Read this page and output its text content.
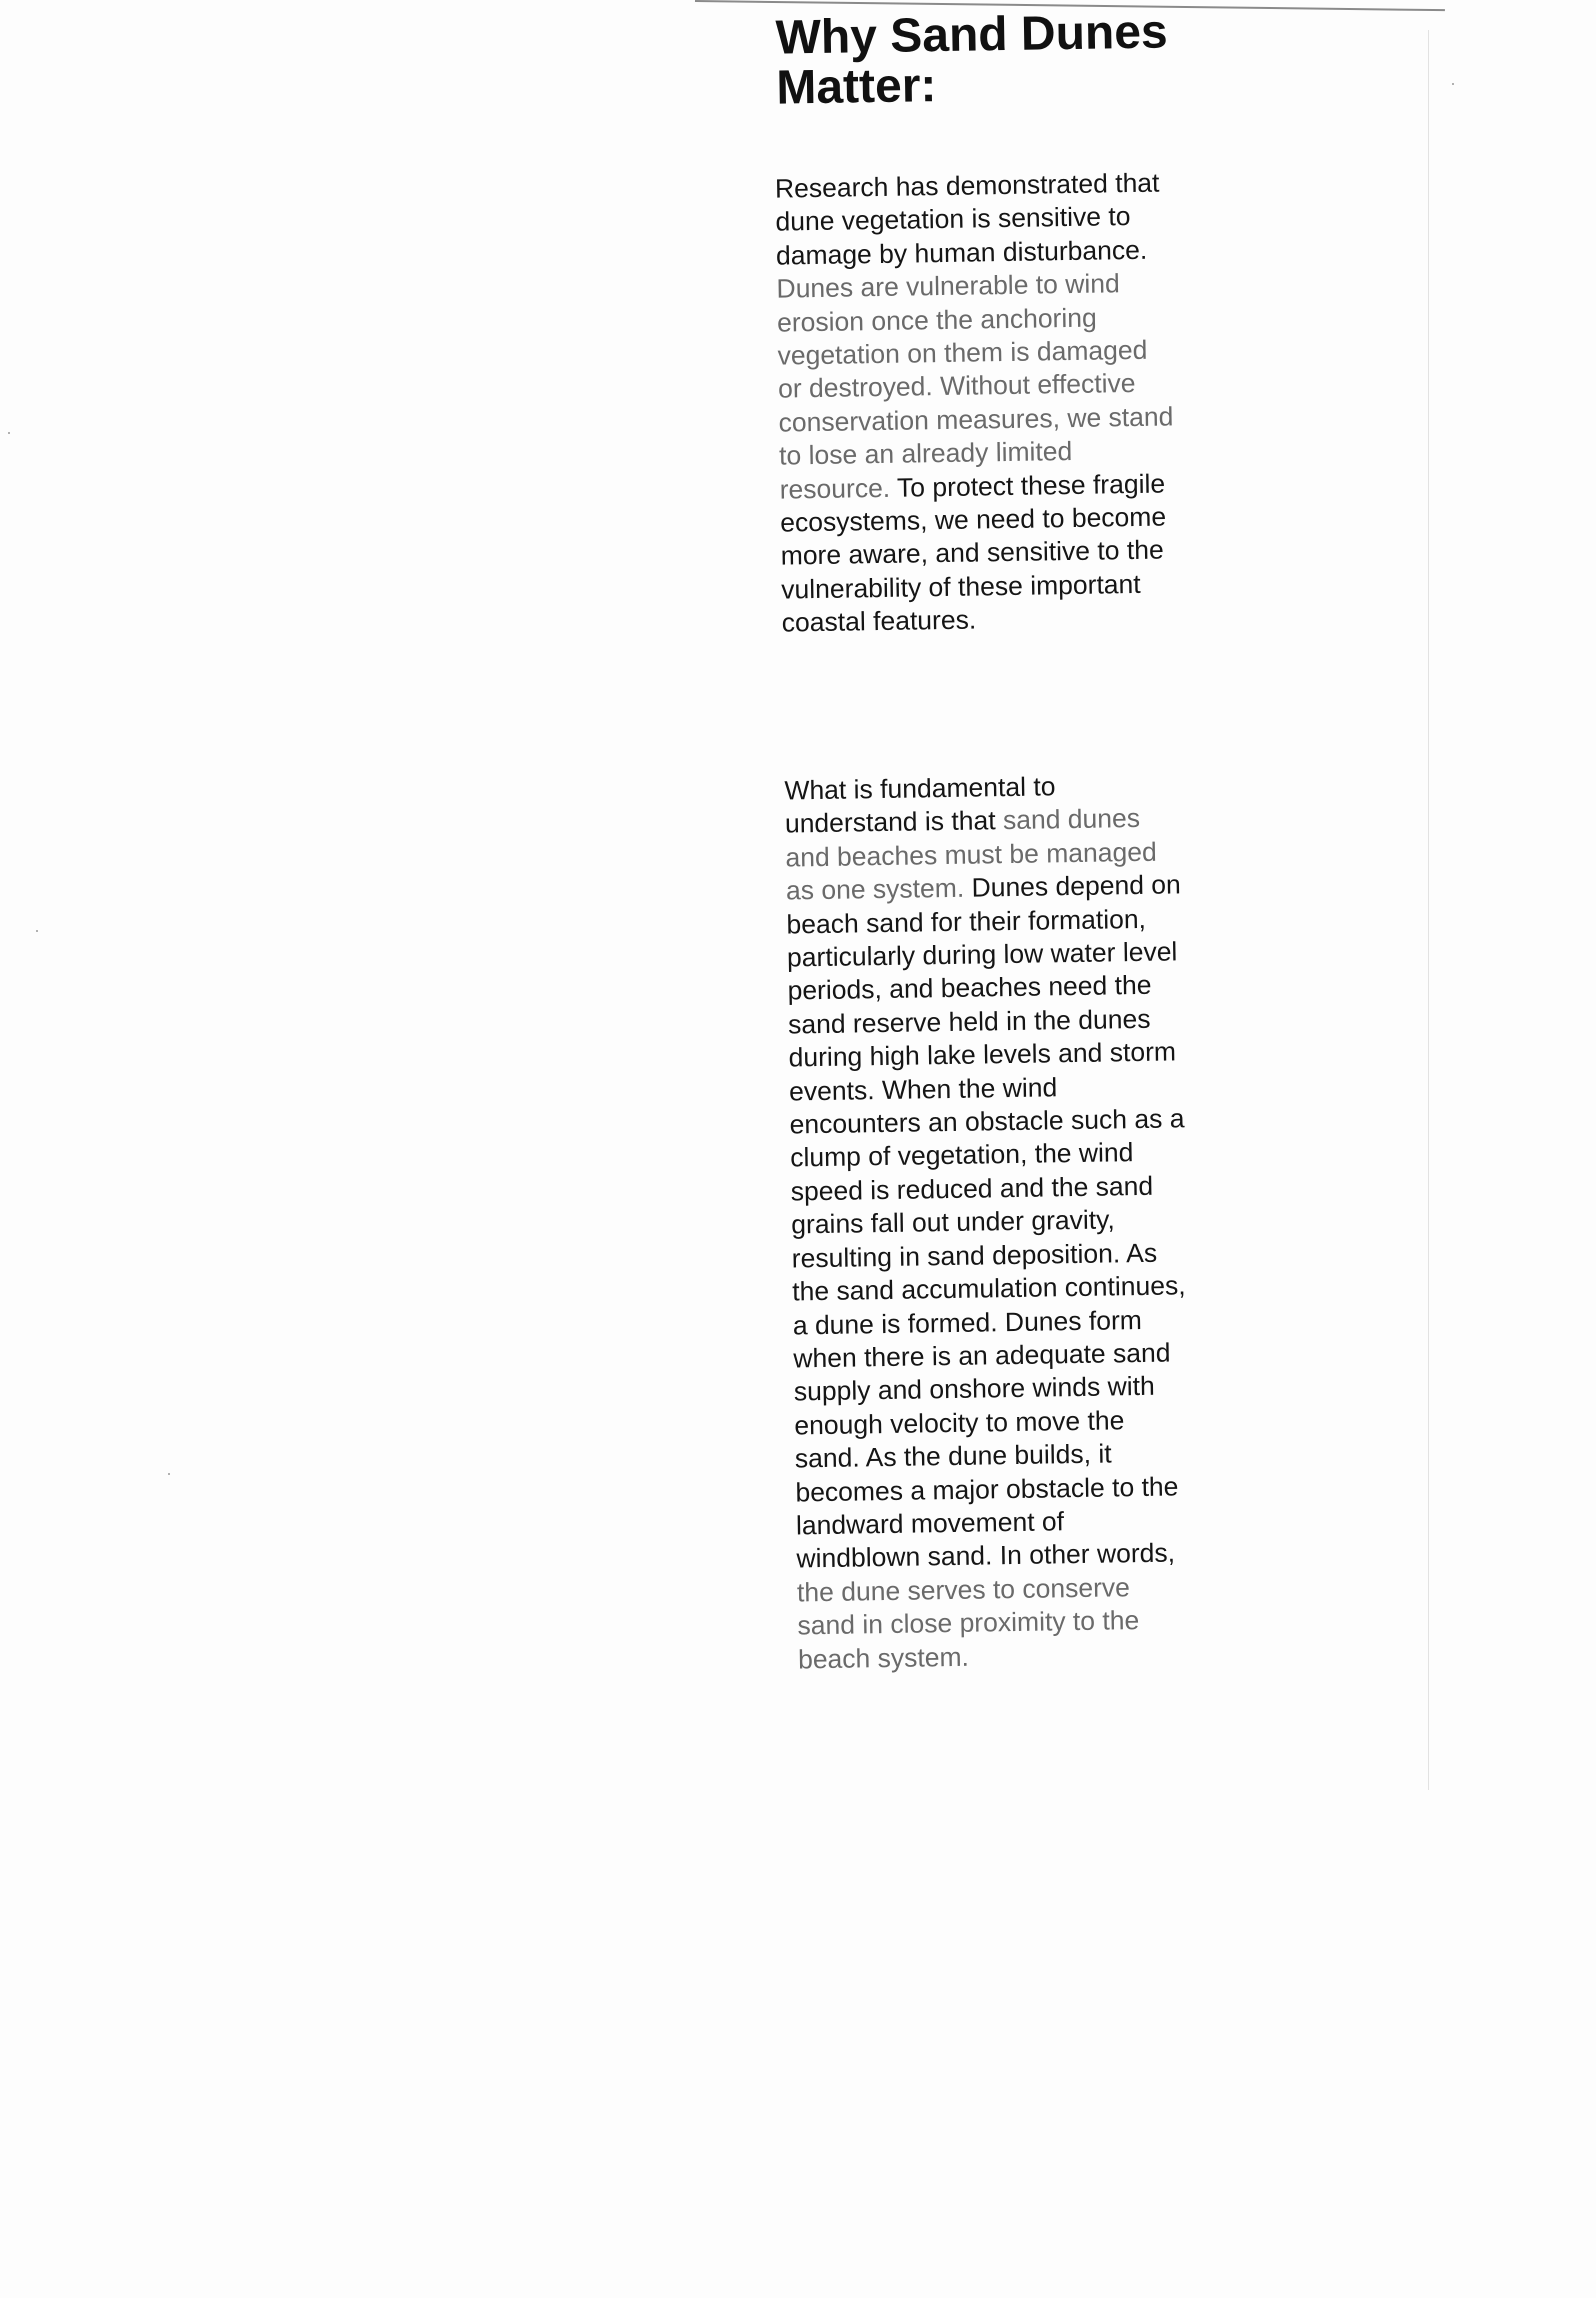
Why Sand Dunes Matter:

Research has demonstrated that dune vegetation is sensitive to damage by human disturbance. Dunes are vulnerable to wind erosion once the anchoring vegetation on them is damaged or destroyed. Without effective conservation measures, we stand to lose an already limited resource. To protect these fragile ecosystems, we need to become more aware, and sensitive to the vulnerability of these important coastal features.

What is fundamental to understand is that sand dunes and beaches must be managed as one system. Dunes depend on beach sand for their formation, particularly during low water level periods, and beaches need the sand reserve held in the dunes during high lake levels and storm events. When the wind encounters an obstacle such as a clump of vegetation, the wind speed is reduced and the sand grains fall out under gravity, resulting in sand deposition. As the sand accumulation continues, a dune is formed. Dunes form when there is an adequate sand supply and onshore winds with enough velocity to move the sand. As the dune builds, it becomes a major obstacle to the landward movement of windblown sand. In other words, the dune serves to conserve sand in close proximity to the beach system.
